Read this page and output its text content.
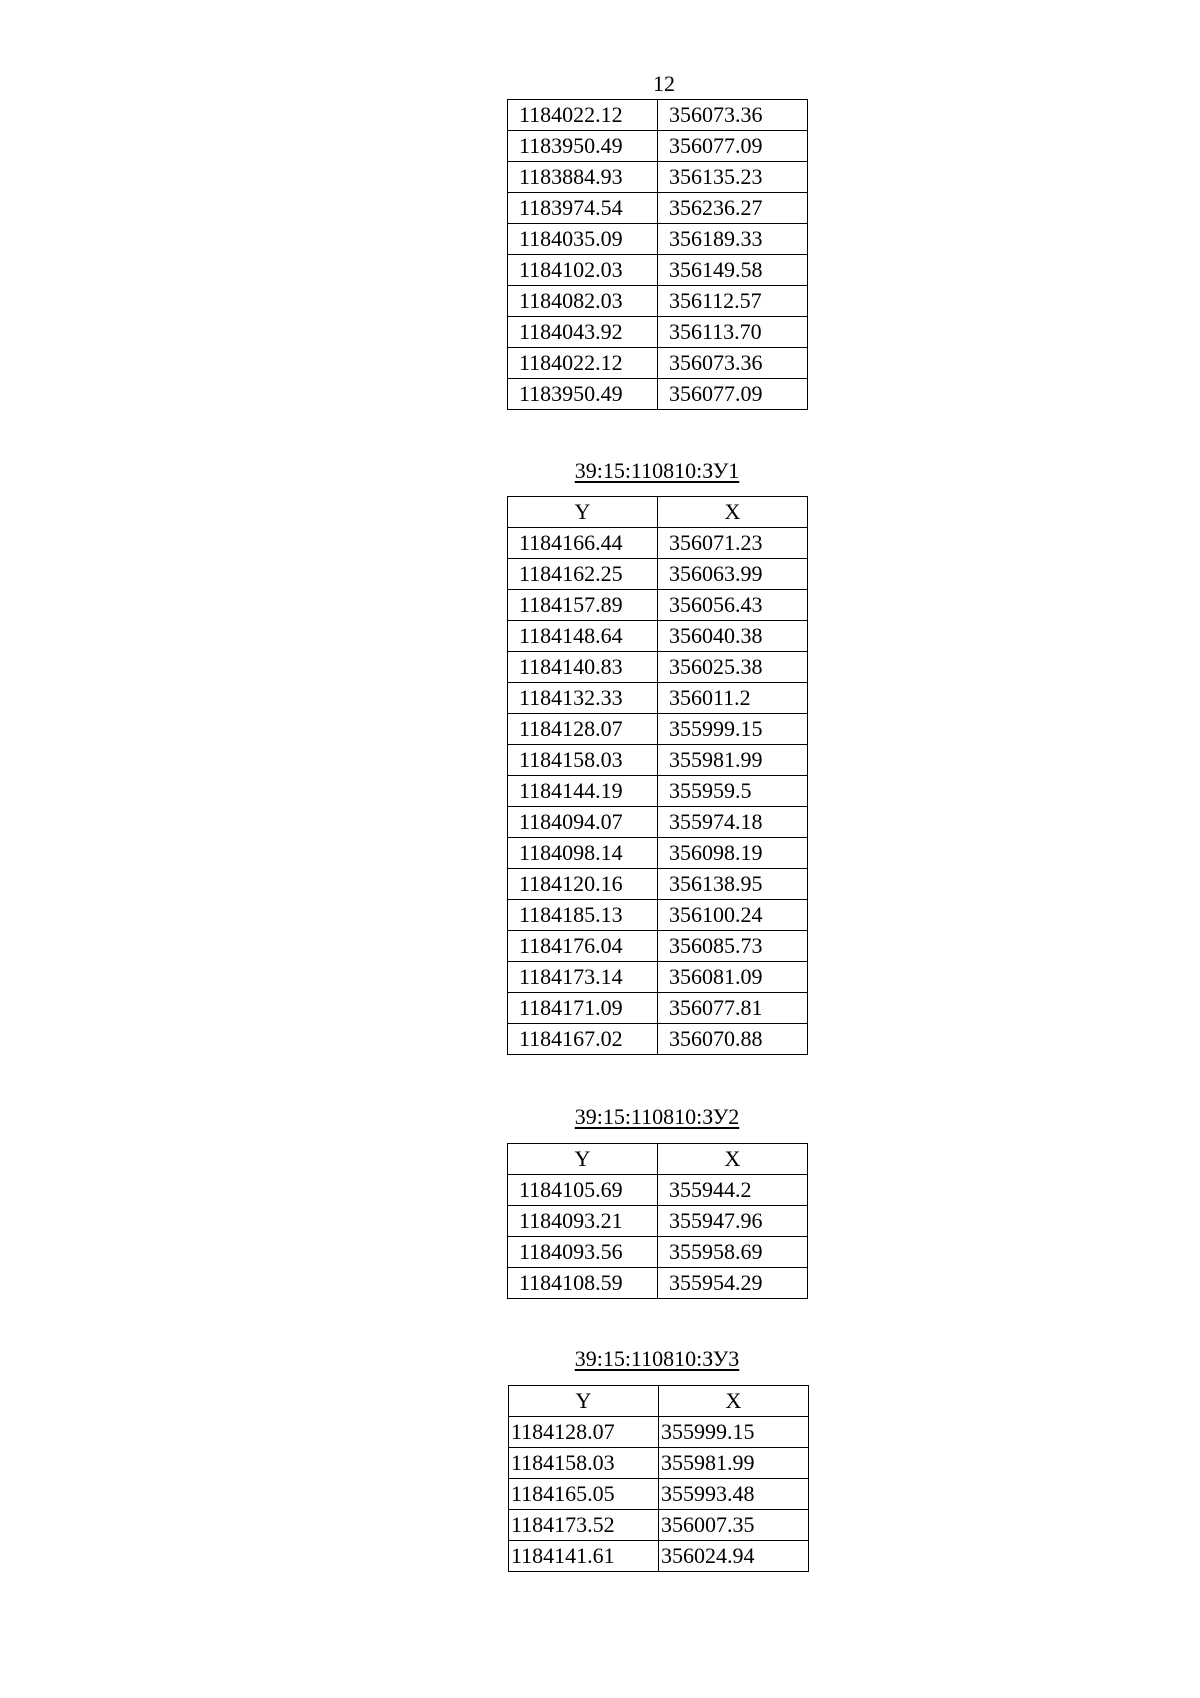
12
1184022.12	356073.36
1183950.49	356077.09
1183884.93	356135.23
1183974.54	356236.27
1184035.09	356189.33
1184102.03	356149.58
1184082.03	356112.57
1184043.92	356113.70
1184022.12	356073.36
1183950.49	356077.09
39:15:110810:ЗУ1
Y	X
1184166.44	356071.23
1184162.25	356063.99
1184157.89	356056.43
1184148.64	356040.38
1184140.83	356025.38
1184132.33	356011.2
1184128.07	355999.15
1184158.03	355981.99
1184144.19	355959.5
1184094.07	355974.18
1184098.14	356098.19
1184120.16	356138.95
1184185.13	356100.24
1184176.04	356085.73
1184173.14	356081.09
1184171.09	356077.81
1184167.02	356070.88
39:15:110810:ЗУ2
Y	X
1184105.69	355944.2
1184093.21	355947.96
1184093.56	355958.69
1184108.59	355954.29
39:15:110810:ЗУ3
Y	X
1184128.07	355999.15
1184158.03	355981.99
1184165.05	355993.48
1184173.52	356007.35
1184141.61	356024.94
